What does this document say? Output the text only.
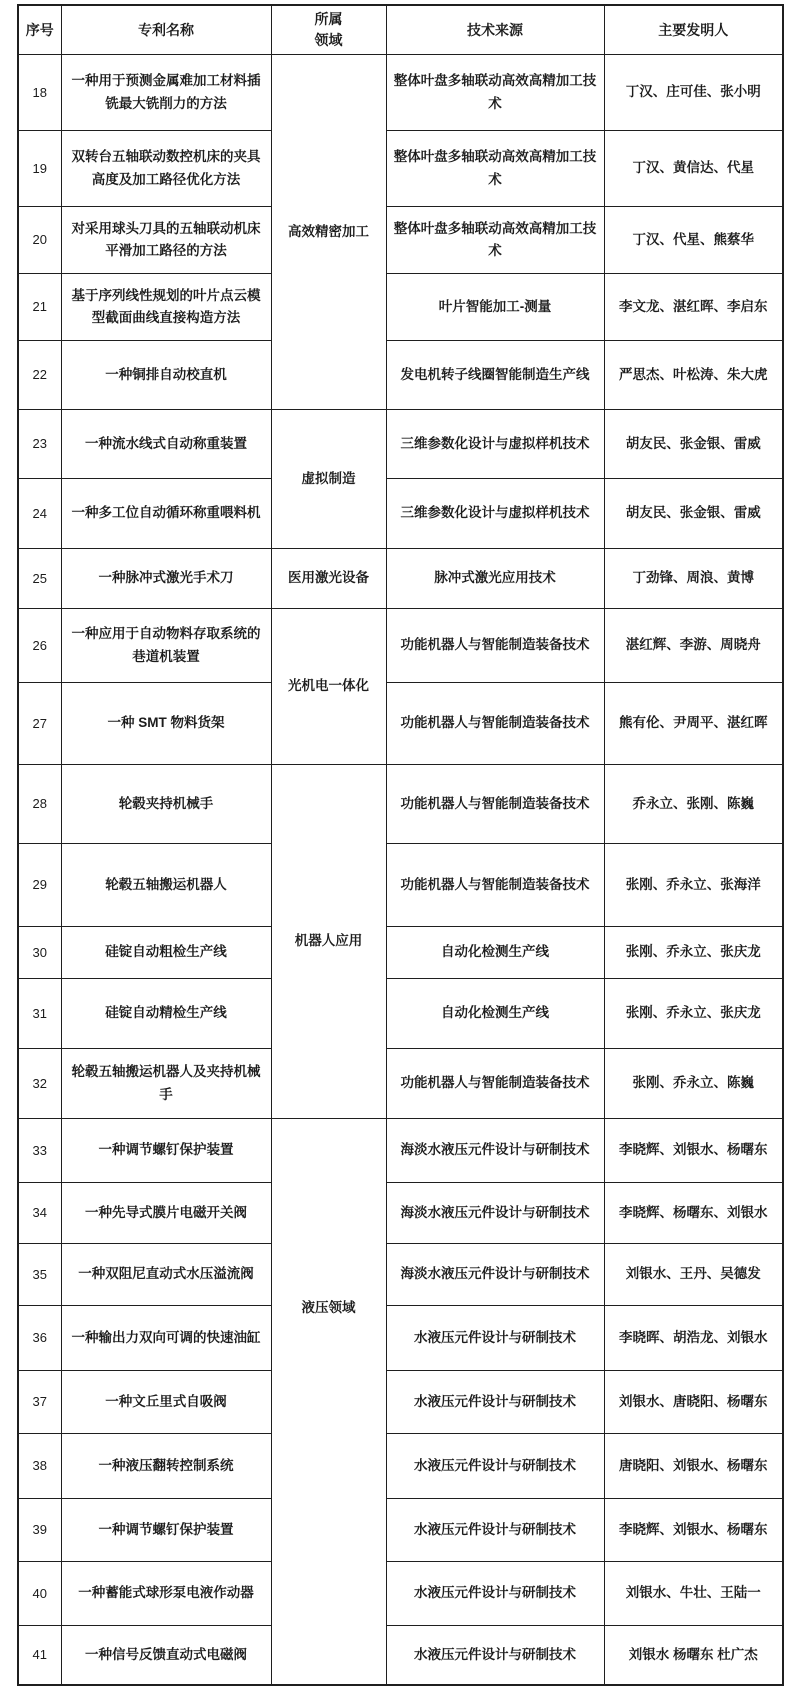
序号	专利名称	所属领域	技术来源	主要发明人
18	一种用于预测金属难加工材料插铣最大铣削力的方法	高效精密加工	整体叶盘多轴联动高效高精加工技术	丁汉、庄可佳、张小明
19	双转台五轴联动数控机床的夹具高度及加工路径优化方法		整体叶盘多轴联动高效高精加工技术	丁汉、黄信达、代星
20	对采用球头刀具的五轴联动机床平滑加工路径的方法		整体叶盘多轴联动高效高精加工技术	丁汉、代星、熊蔡华
21	基于序列线性规划的叶片点云模型截面曲线直接构造方法		叶片智能加工-测量	李文龙、湛红晖、李启东
22	一种铜排自动校直机		发电机转子线圈智能制造生产线	严思杰、叶松涛、朱大虎
23	一种流水线式自动称重装置	虚拟制造	三维参数化设计与虚拟样机技术	胡友民、张金银、雷威
24	一种多工位自动循环称重喂料机		三维参数化设计与虚拟样机技术	胡友民、张金银、雷威
25	一种脉冲式激光手术刀	医用激光设备	脉冲式激光应用技术	丁劲锋、周浪、黄博
26	一种应用于自动物料存取系统的巷道机装置	光机电一体化	功能机器人与智能制造装备技术	湛红辉、李游、周晓舟
27	一种 SMT 物料货架		功能机器人与智能制造装备技术	熊有伦、尹周平、湛红晖
28	轮毂夹持机械手	机器人应用	功能机器人与智能制造装备技术	乔永立、张刚、陈巍
29	轮毂五轴搬运机器人		功能机器人与智能制造装备技术	张刚、乔永立、张海洋
30	硅锭自动粗检生产线		自动化检测生产线	张刚、乔永立、张庆龙
31	硅锭自动精检生产线		自动化检测生产线	张刚、乔永立、张庆龙
32	轮毂五轴搬运机器人及夹持机械手		功能机器人与智能制造装备技术	张刚、乔永立、陈巍
33	一种调节螺钉保护装置	液压领域	海淡水液压元件设计与研制技术	李晓辉、刘银水、杨曙东
34	一种先导式膜片电磁开关阀		海淡水液压元件设计与研制技术	李晓辉、杨曙东、刘银水
35	一种双阻尼直动式水压溢流阀		海淡水液压元件设计与研制技术	刘银水、王丹、吴德发
36	一种输出力双向可调的快速油缸		水液压元件设计与研制技术	李晓晖、胡浩龙、刘银水
37	一种文丘里式自吸阀		水液压元件设计与研制技术	刘银水、唐晓阳、杨曙东
38	一种液压翻转控制系统		水液压元件设计与研制技术	唐晓阳、刘银水、杨曙东
39	一种调节螺钉保护装置		水液压元件设计与研制技术	李晓辉、刘银水、杨曙东
40	一种蓄能式球形泵电液作动器		水液压元件设计与研制技术	刘银水、牛壮、王陆一
41	一种信号反馈直动式电磁阀		水液压元件设计与研制技术	刘银水 杨曙东 杜广杰
